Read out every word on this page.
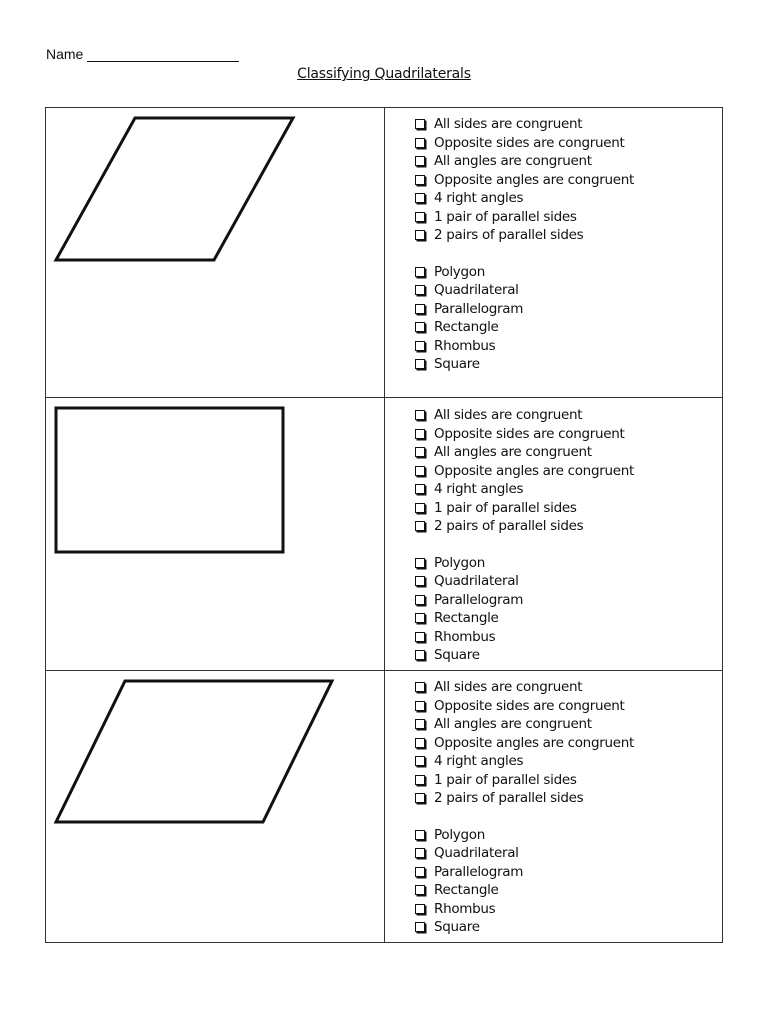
Name
Classifying Quadrilaterals
All sides are congruent
Opposite sides are congruent
All angles are congruent
Opposite angles are congruent
4 right angles
1 pair of parallel sides
2 pairs of parallel sides
Polygon
Quadrilateral
Parallelogram
Rectangle
Rhombus
Square
All sides are congruent
Opposite sides are congruent
All angles are congruent
Opposite angles are congruent
4 right angles
1 pair of parallel sides
2 pairs of parallel sides
Polygon
Quadrilateral
Parallelogram
Rectangle
Rhombus
Square
All sides are congruent
Opposite sides are congruent
All angles are congruent
Opposite angles are congruent
4 right angles
1 pair of parallel sides
2 pairs of parallel sides
Polygon
Quadrilateral
Parallelogram
Rectangle
Rhombus
Square
